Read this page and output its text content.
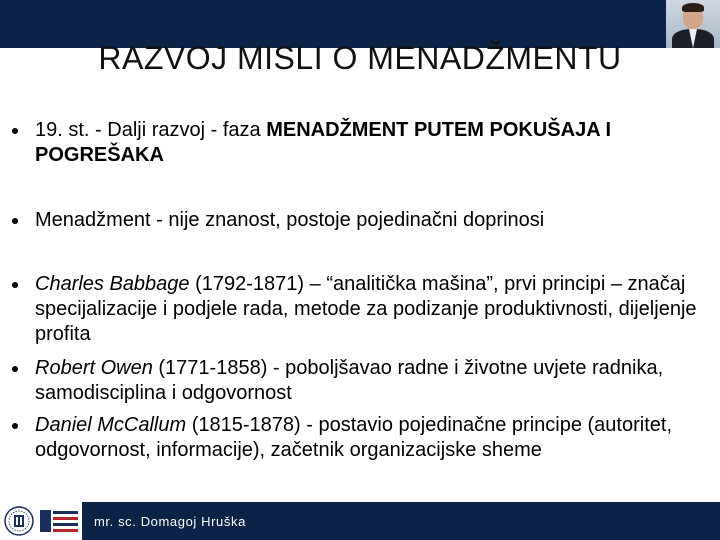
RAZVOJ MISLI O MENADŽMENTU
19. st. - Dalji razvoj - faza MENADŽMENT PUTEM POKUŠAJA I POGREŠAKA
Menadžment - nije znanost, postoje pojedinačni doprinosi
Charles Babbage (1792-1871) – “analitička mašina”, prvi principi – značaj specijalizacije i podjele rada, metode za podizanje produktivnosti, dijeljenje profita
Robert Owen (1771-1858) - poboljšavao radne i životne uvjete radnika, samodisciplina i odgovornost
Daniel McCallum (1815-1878) - postavio pojedinačne principe (autoritet, odgovornost, informacije), začetnik organizacijske sheme
mr. sc. Domagoj Hruška
